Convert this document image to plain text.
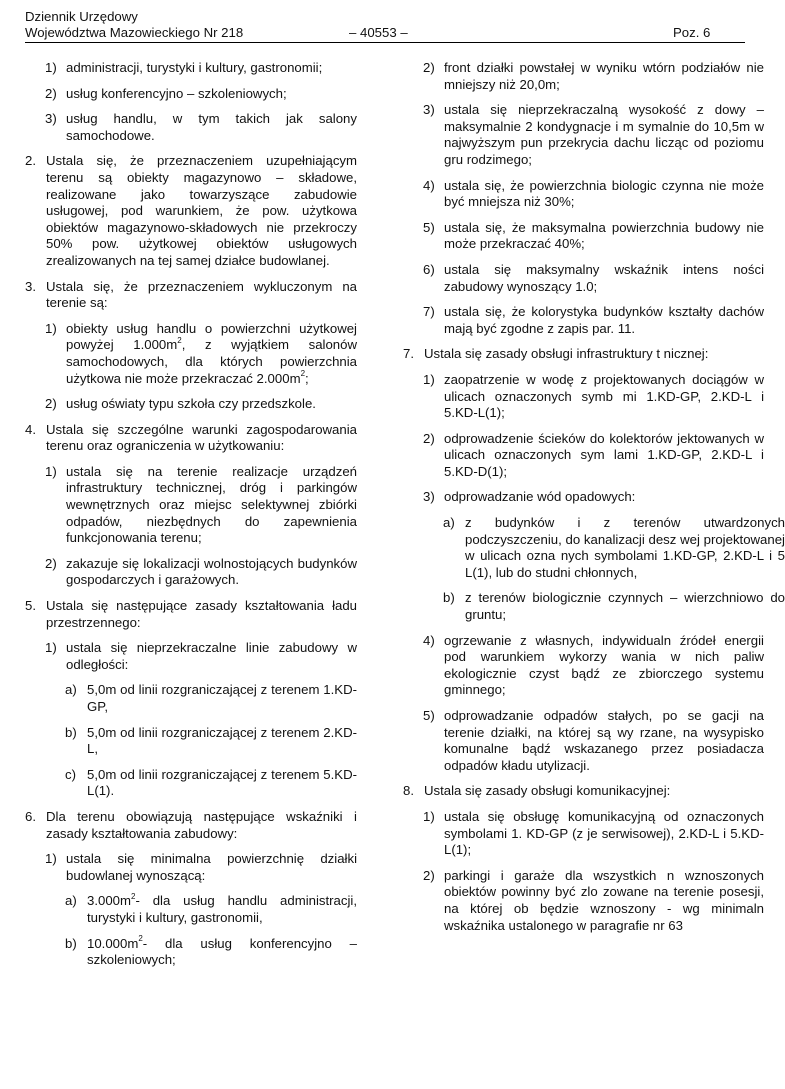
Dziennik Urzędowy
Województwa Mazowieckiego Nr 218	– 40553 –	Poz. 6
1) administracji, turystyki i kultury, gastronomii;
2) usług konferencyjno – szkoleniowych;
3) usług handlu, w tym takich jak salony samochodowe.
2. Ustala się, że przeznaczeniem uzupełniającym terenu są obiekty magazynowo – składowe, realizowane jako towarzyszące zabudowie usługowej, pod warunkiem, że pow. użytkowa obiektów magazynowo-składowych nie przekroczy 50% pow. użytkowej obiektów usługowych zrealizowanych na tej samej działce budowlanej.
3. Ustala się, że przeznaczeniem wykluczonym na terenie są:
1) obiekty usług handlu o powierzchni użytkowej powyżej $1.000m^2$, z wyjątkiem salonów samochodowych, dla których powierzchnia użytkowa nie może przekraczać $2.000m^2$;
2) usług oświaty typu szkoła czy przedszkole.
4. Ustala się szczególne warunki zagospodarowania terenu oraz ograniczenia w użytkowaniu:
1) ustala się na terenie realizacje urządzeń infrastruktury technicznej, dróg i parkingów wewnętrznych oraz miejsc selektywnej zbiórki odpadów, niezbędnych do zapewnienia funkcjonowania terenu;
2) zakazuje się lokalizacji wolnostojących budynków gospodarczych i garażowych.
5. Ustala się następujące zasady kształtowania ładu przestrzennego:
1) ustala się nieprzekraczalne linie zabudowy w odległości:
a) 5,0m od linii rozgraniczającej z terenem 1.KD-GP,
b) 5,0m od linii rozgraniczającej z terenem 2.KD-L,
c) 5,0m od linii rozgraniczającej z terenem 5.KD-L(1).
6. Dla terenu obowiązują następujące wskaźniki i zasady kształtowania zabudowy:
1) ustala się minimalna powierzchnię działki budowlanej wynoszącą:
a) $3.000m^2-$ dla usług handlu administracji, turystyki i kultury, gastronomii,
b) $10.000m^2-$ dla usług konferencyjno – szkoleniowych;
2) front działki powstałej w wyniku wtórn podziałów nie mniejszy niż 20,0m;
3) ustala się nieprzekraczalną wysokość z dowy – maksymalnie 2 kondygnacje i m symalnie do 10,5m w najwyższym pun przekrycia dachu licząc od poziomu gru rodzimego;
4) ustala się, że powierzchnia biologic czynna nie może być mniejsza niż 30%;
5) ustala się, że maksymalna powierzchnia budowy nie może przekraczać 40%;
6) ustala się maksymalny wskaźnik intens ności zabudowy wynoszący 1.0;
7) ustala się, że kolorystyka budynków kształty dachów mają być zgodne z zapis par. 11.
7. Ustala się zasady obsługi infrastruktury t nicznej:
1) zaopatrzenie w wodę z projektowanych dociągów w ulicach oznaczonych symb mi 1.KD-GP, 2.KD-L i 5.KD-L(1);
2) odprowadzenie ścieków do kolektorów jektowanych w ulicach oznaczonych sym lami 1.KD-GP, 2.KD-L i 5.KD-D(1);
3) odprowadzanie wód opadowych:
a) z budynków i z terenów utwardzonych podczyszczeniu, do kanalizacji desz wej projektowanej w ulicach ozna nych symbolami 1.KD-GP, 2.KD-L i 5 L(1), lub do studni chłonnych,
b) z terenów biologicznie czynnych – wierzchniowo do gruntu;
4) ogrzewanie z własnych, indywidualn źródeł energii pod warunkiem wykorzy wania w nich paliw ekologicznie czyst bądź ze zbiorczego systemu gminnego;
5) odprowadzanie odpadów stałych, po se gacji na terenie działki, na której są wy rzane, na wysypisko komunalne bądź wskazanego przez posiadacza odpadów kładu utylizacji.
8. Ustala się zasady obsługi komunikacyjnej:
1) ustala się obsługę komunikacyjną od oznaczonych symbolami 1. KD-GP (z je serwisowej), 2.KD-L i 5.KD-L(1);
2) parkingi i garaże dla wszystkich n wznoszonych obiektów powinny być zlo zowane na terenie posesji, na której ob będzie wznoszony - wg minimaln wskaźnika ustalonego w paragrafie nr 63
